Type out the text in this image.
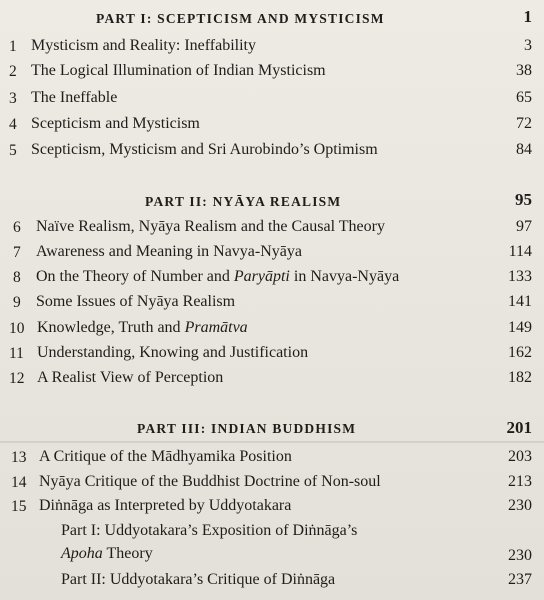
PART I: SCEPTICISM AND MYSTICISM	1
1 Mysticism and Reality: Ineffability	3
2 The Logical Illumination of Indian Mysticism	38
3 The Ineffable	65
4 Scepticism and Mysticism	72
5 Scepticism, Mysticism and Sri Aurobindo’s Optimism	84
PART II: NYĀYA REALISM	95
6 Naïve Realism, Nyāya Realism and the Causal Theory	97
7 Awareness and Meaning in Navya-Nyāya	114
8 On the Theory of Number and Paryāpti in Navya-Nyāya	133
9 Some Issues of Nyāya Realism	141
10 Knowledge, Truth and Pramātva	149
11 Understanding, Knowing and Justification	162
12 A Realist View of Perception	182
PART III: INDIAN BUDDHISM	201
13 A Critique of the Mādhyamika Position	203
14 Nyāya Critique of the Buddhist Doctrine of Non-soul	213
15 Diṅnāga as Interpreted by Uddyotakara	230
Part I: Uddyotakara’s Exposition of Diṅnāga’s
Apoha Theory	230
Part II: Uddyotakara’s Critique of Diṅnāga	237
